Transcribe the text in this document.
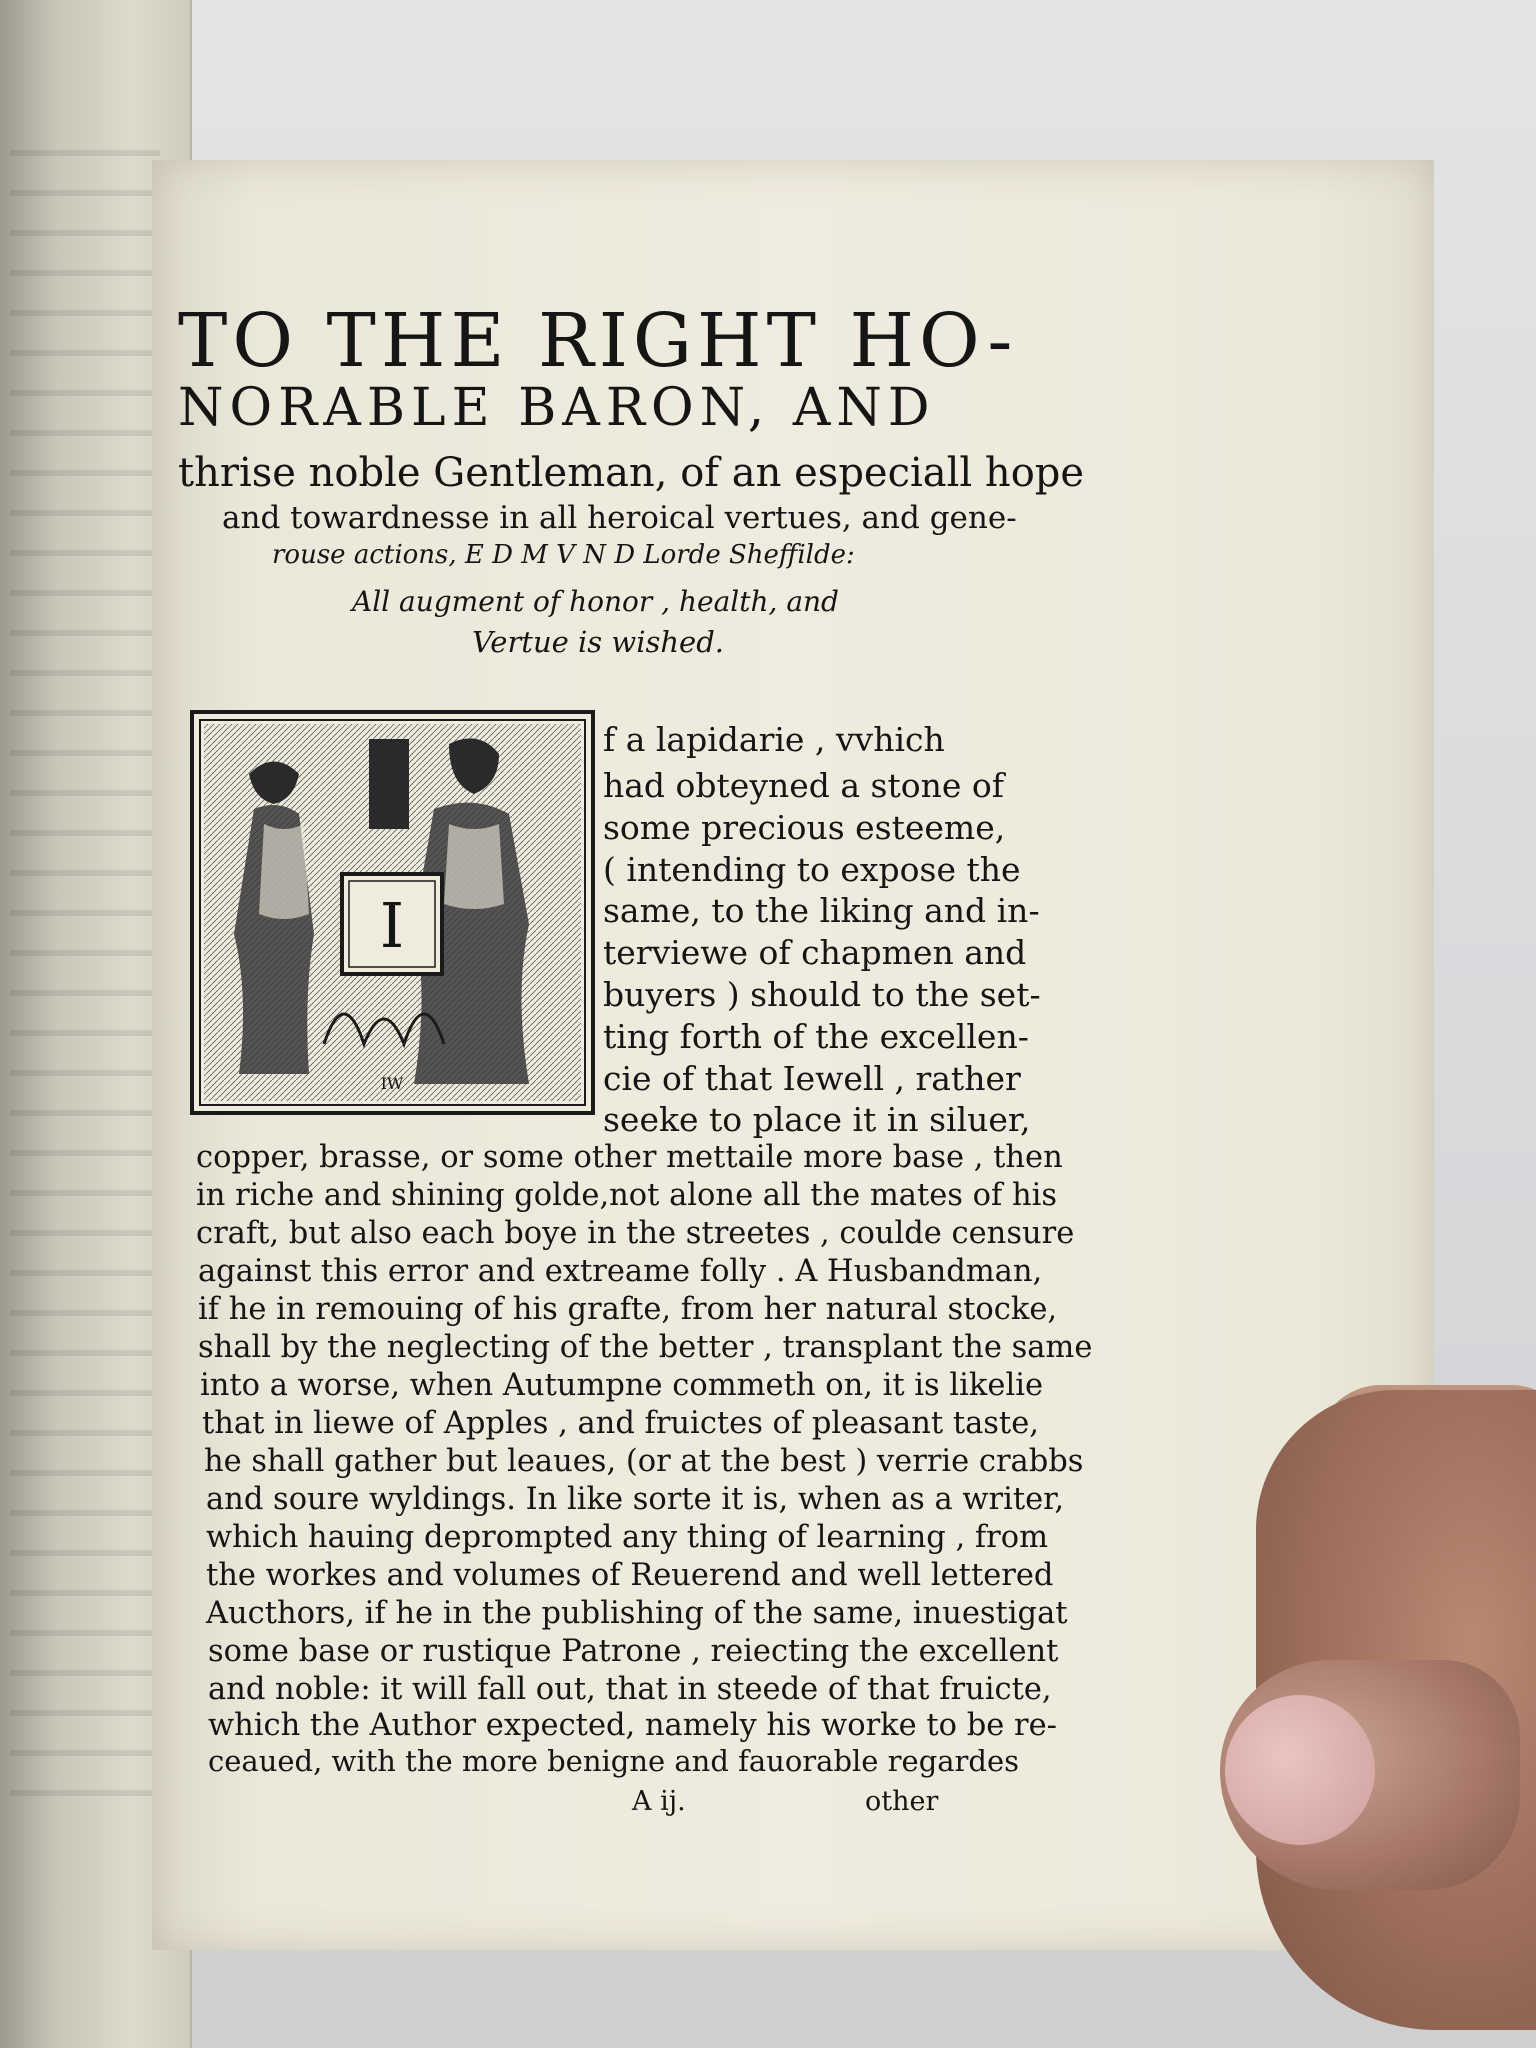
TO THE RIGHT HO-
NORABLE BARON, AND
thrise noble Gentleman, of an especiall hope
and towardnesse in all heroical vertues, and gene-
rouse actions, E D M V N D Lorde Sheffilde:
All augment of honor , health, and
Vertue is wished.
I
IW
f a lapidarie , vvhich
had obteyned a stone of
some precious esteeme,
( intending to expose the
same, to the liking and in-
terviewe of chapmen and
buyers ) should to the set-
ting forth of the excellen-
cie of that Iewell , rather
seeke to place it in siluer,
copper, brasse, or some other mettaile more base , then
in riche and shining golde,not alone all the mates of his
craft, but also each boye in the streetes , coulde censure
against this error and extreame folly . A Husbandman,
if he in remouing of his grafte, from her natural stocke,
shall by the neglecting of the better , transplant the same
into a worse, when Autumpne commeth on, it is likelie
that in liewe of Apples , and fruictes of pleasant taste,
he shall gather but leaues, (or at the best ) verrie crabbs
and soure wyldings. In like sorte it is, when as a writer,
which hauing deprompted any thing of learning , from
the workes and volumes of Reuerend and well lettered
Aucthors, if he in the publishing of the same, inuestigat
some base or rustique Patrone , reiecting the excellent
and noble: it will fall out, that in steede of that fruicte,
which the Author expected, namely his worke to be re-
ceaued, with the more benigne and fauorable regardes
A ij.	other
